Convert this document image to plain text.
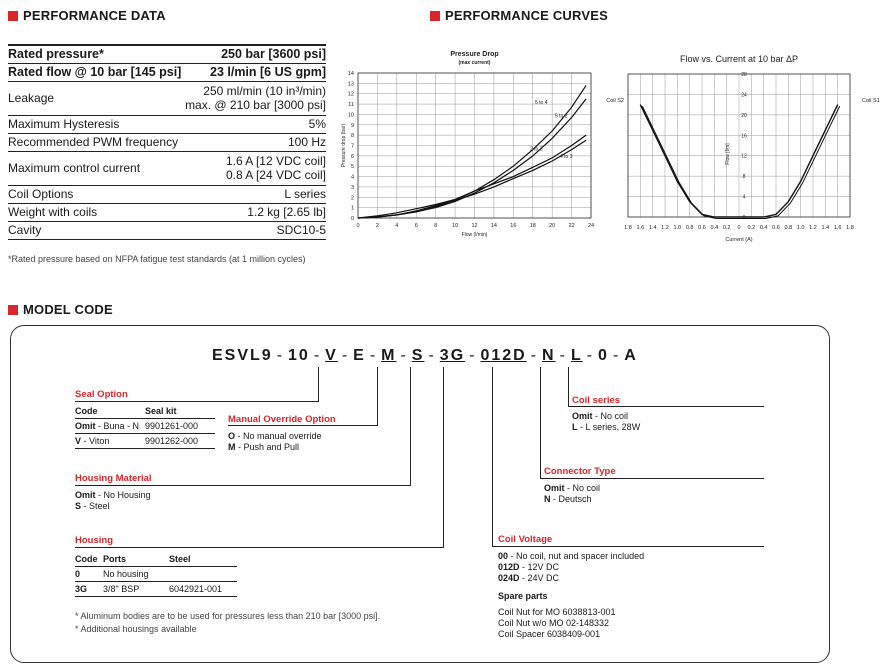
PERFORMANCE DATA	PERFORMANCE CURVES
Rated pressure*	250 bar [3600 psi]

Rated flow @ 10 bar [145 psi]	23 l/min [6 US gpm]

Leakage	250 ml/min (10 in³/min)
max. @ 210 bar [3000 psi]

Maximum Hysteresis	5%

Recommended PWM frequency	100 Hz

Maximum control current	1.6 A [12 VDC coil]
0.8 A [24 VDC coil]

Coil Options	L series

Weight with coils	1.2 kg [2.65 lb]

Cavity	SDC10-5
*Rated pressure based on NFPA fatigue test standards (at 1 million cycles)
Pressure Drop
(max current)
0	2	4	6	8	10 12 14 16 18 20 22 24
0
1
2
3
4
5
6
7
8
9
10
11
12
13
14
Flow (l/min)
Pressure drop (bar)
5 to 4
5 to 2
2 to 3
4 to 3
Flow vs. Current at 10 bar ΔP
1.8 1.6 1.4 1.2 1.0 0.8 0.6 0.4 0.2 0 0.2 0.4 0.6 0.8 1.0 1.2 1.4 1.6 1.8
0
4
8
12
16
20
24
28
Current (A)
Flow [l/m]
Coil S2	Coil S1
MODEL CODE
ESVL9 - 10 - V - E - M - S - 3G - 012D - N - L - 0 - A
Seal Option
Code	Seal kit
Omit - Buna - N	9901261-000
V - Viton	9901262-000
Manual Override Option
O - No manual override
M - Push and Pull
Housing Material
Omit - No Housing
S - Steel
Housing
Code	Ports	Steel
0	No housing	
3G	3/8" BSP	6042921-001
* Aluminum bodies are to be used for pressures less than 210 bar [3000 psi].
* Additional housings available
Coil series
Omit - No coil
L - L series, 28W
Connector Type
Omit - No coil
N - Deutsch
Coil Voltage
00 - No coil, nut and spacer included
012D - 12V DC
024D - 24V DC
Spare parts
Coil Nut for MO 6038813-001
Coil Nut w/o MO 02-148332
Coil Spacer 6038409-001
